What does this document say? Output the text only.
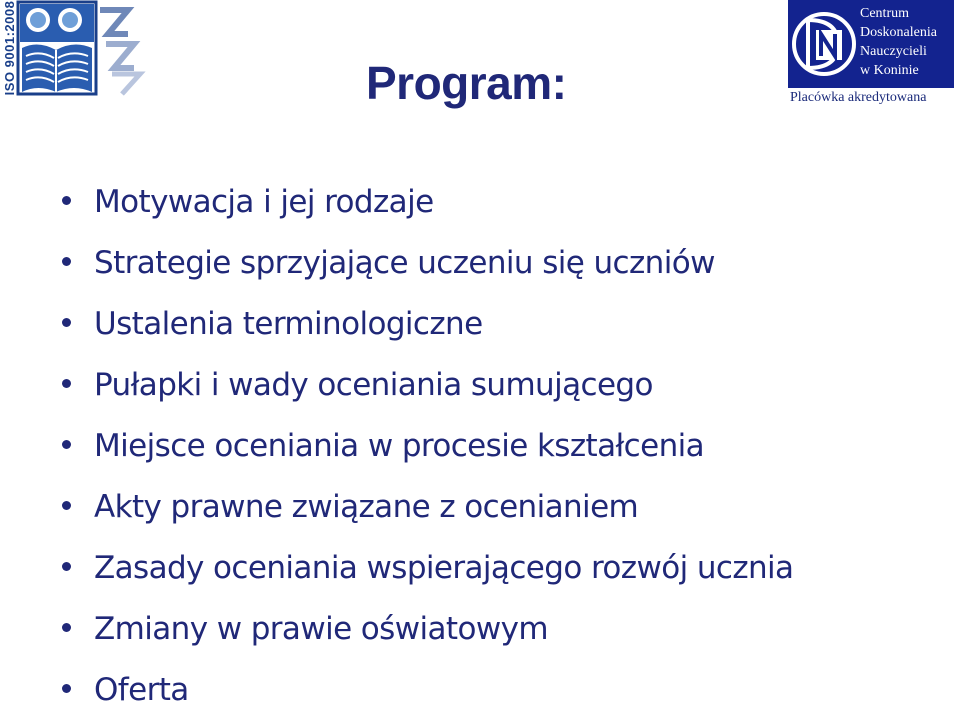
ISO 9001:2008	Centrum
Doskonalenia
Nauczycieli
w Koninie
Placówka akredytowana
Program:
Motywacja i jej rodzaje
Strategie sprzyjające uczeniu się uczniów
Ustalenia terminologiczne
Pułapki i wady oceniania sumującego
Miejsce oceniania w procesie kształcenia
Akty prawne związane z ocenianiem
Zasady oceniania wspierającego rozwój ucznia
Zmiany w prawie oświatowym
Oferta
